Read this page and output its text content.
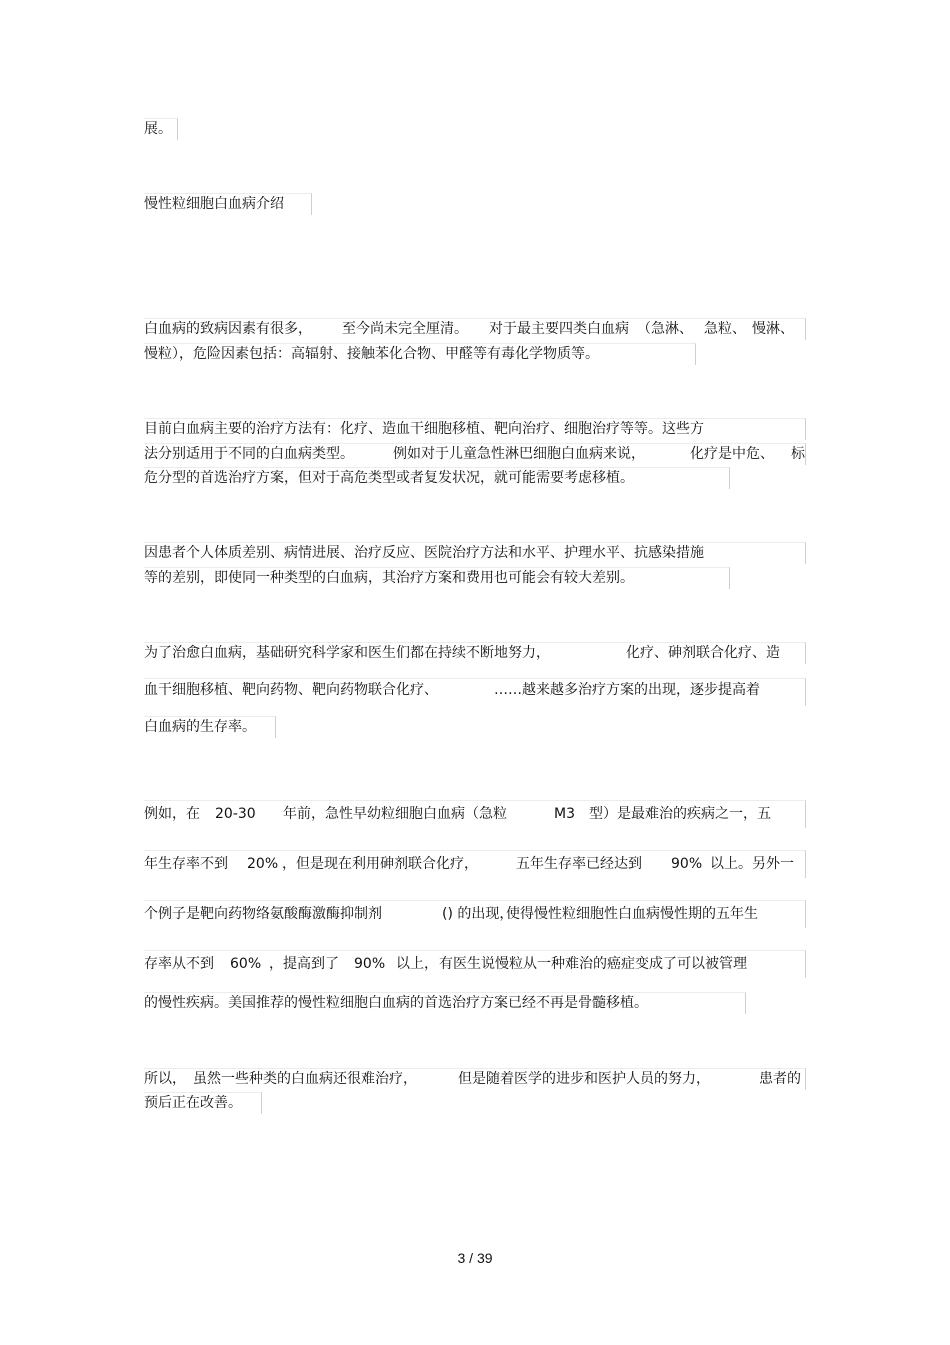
展。
慢性粒细胞白血病介绍
白血病的致病因素有很多， 至今尚未完全厘清。 对于最主要四类白血病 （急淋、 急粒、 慢淋、
慢粒），危险因素包括：高辐射、接触苯化合物、甲醛等有毒化学物质等。
目前白血病主要的治疗方法有：化疗、造血干细胞移植、靶向治疗、细胞治疗等等。这些方
法分别适用于不同的白血病类型。	例如对于儿童急性淋巴细胞白血病来说，	化疗是中危、 标
危分型的首选治疗方案，但对于高危类型或者复发状况，就可能需要考虑移植。
因患者个人体质差别、病情进展、治疗反应、医院治疗方法和水平、护理水平、抗感染措施
等的差别，即使同一种类型的白血病，其治疗方案和费用也可能会有较大差别。
为了治愈白血病，基础研究科学家和医生们都在持续不断地努力，	化疗、砷剂联合化疗、造
血干细胞移植、靶向药物、靶向药物联合化疗、	……越来越多治疗方案的出现，逐步提高着
白血病的生存率。
例如，在 20-30 年前，急性早幼粒细胞白血病（急粒	M3 型）是最难治的疾病之一，五
年生存率不到 20% ，但是现在利用砷剂联合化疗，	五年生存率已经达到 90% 以上。另外一
个例子是靶向药物络氨酸酶激酶抑制剂	() 的出现，
使得慢性粒细胞性白血病慢性期的五年生
存率从不到 60% ，提高到了 90% 以上， 有医生说慢粒从一种难治的癌症变成了可以被管理
的慢性疾病。美国推荐的慢性粒细胞白血病的首选治疗方案已经不再是骨髓移植。
所以， 虽然一些种类的白血病还很难治疗，	但是随着医学的进步和医护人员的努力，	患者的
预后正在改善。
3 / 39
